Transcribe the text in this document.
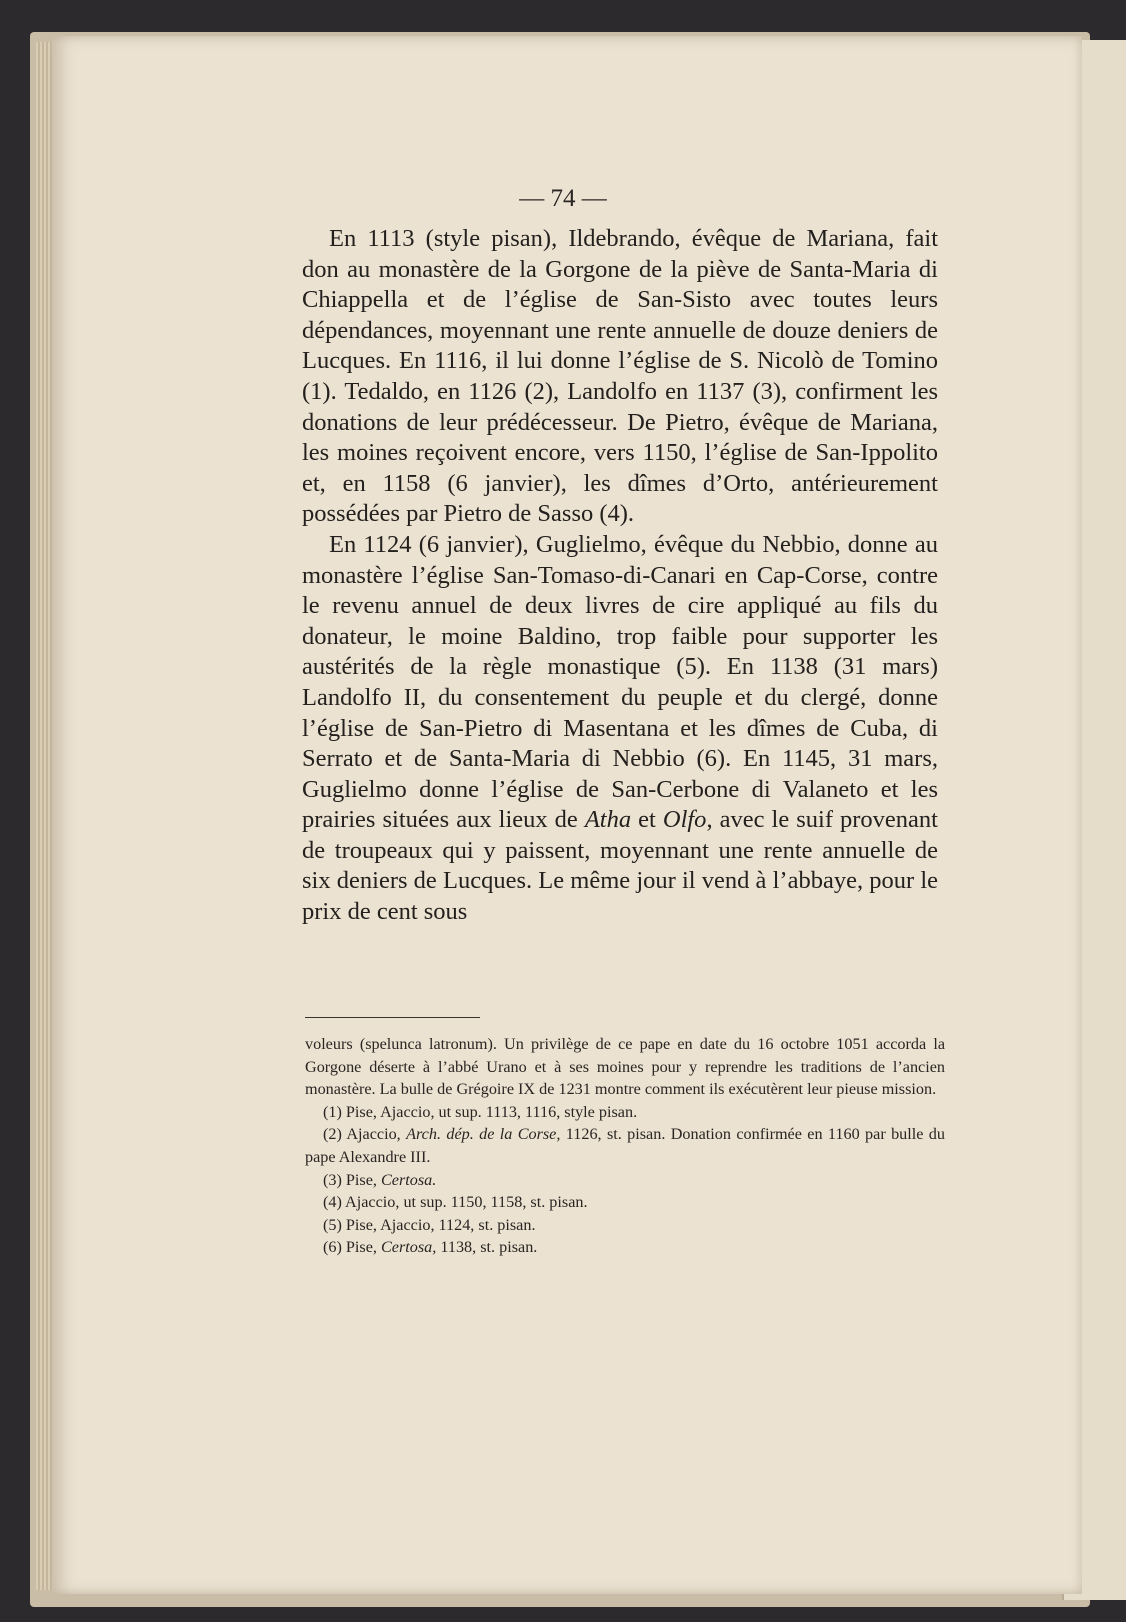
— 74 —

En 1113 (style pisan), Ildebrando, évêque de Mariana, fait don au monastère de la Gorgone de la piève de Santa-Maria di Chiappella et de l’église de San-Sisto avec toutes leurs dépendances, moyennant une rente annuelle de douze deniers de Lucques. En 1116, il lui donne l’église de S. Nicolò de Tomino (1). Tedaldo, en 1126 (2), Landolfo en 1137 (3), confirment les donations de leur prédécesseur. De Pietro, évêque de Mariana, les moines reçoivent encore, vers 1150, l’église de San-Ippolito et, en 1158 (6 janvier), les dîmes d’Orto, antérieurement possédées par Pietro de Sasso (4).

En 1124 (6 janvier), Guglielmo, évêque du Nebbio, donne au monastère l’église San-Tomaso-di-Canari en Cap-Corse, contre le revenu annuel de deux livres de cire appliqué au fils du donateur, le moine Baldino, trop faible pour supporter les austérités de la règle monastique (5). En 1138 (31 mars) Landolfo II, du consentement du peuple et du clergé, donne l’église de San-Pietro di Masentana et les dîmes de Cuba, di Serrato et de Santa-Maria di Nebbio (6). En 1145, 31 mars, Guglielmo donne l’église de San-Cerbone di Valaneto et les prairies situées aux lieux de Atha et Olfo, avec le suif provenant de troupeaux qui y paissent, moyennant une rente annuelle de six deniers de Lucques. Le même jour il vend à l’abbaye, pour le prix de cent sous

voleurs (spelunca latronum). Un privilège de ce pape en date du 16 octobre 1051 accorda la Gorgone déserte à l’abbé Urano et à ses moines pour y reprendre les traditions de l’ancien monastère. La bulle de Grégoire IX de 1231 montre comment ils exécutèrent leur pieuse mission.

(1) Pise, Ajaccio, ut sup. 1113, 1116, style pisan.

(2) Ajaccio, Arch. dép. de la Corse, 1126, st. pisan. Donation confirmée en 1160 par bulle du pape Alexandre III.

(3) Pise, Certosa.

(4) Ajaccio, ut sup. 1150, 1158, st. pisan.

(5) Pise, Ajaccio, 1124, st. pisan.

(6) Pise, Certosa, 1138, st. pisan.
